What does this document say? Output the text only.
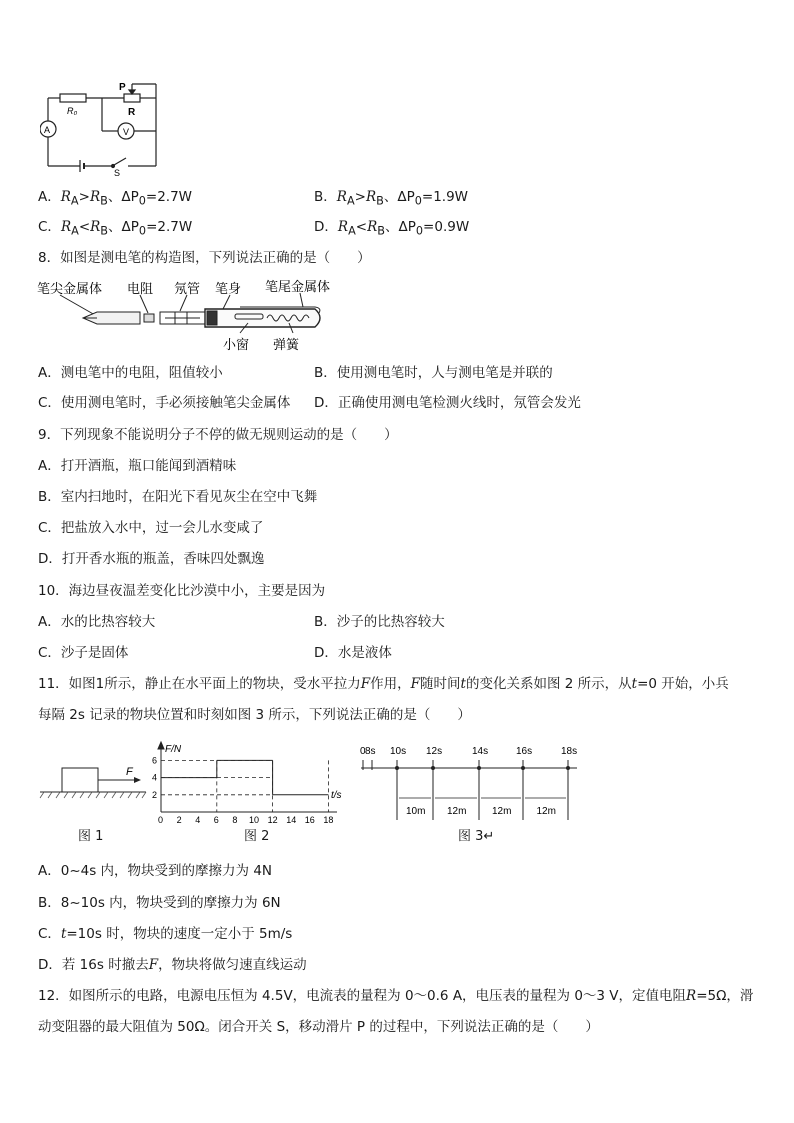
P
R
R₀
A	V
S
A．$R_A>R_B$、$\Delta P_0=2.7W$	B．$R_A>R_B$、$\Delta P_0=1.9W$
C．$R_A<R_B$、$\Delta P_0=2.7W$	D．$R_A<R_B$、$\Delta P_0=0.9W$
8．如图是测电笔的构造图，下列说法正确的是（　　）
笔尖金属体 电阻 氖管 笔身 笔尾金属体
小窗 弹簧
A．测电笔中的电阻，阻值较小	B．使用测电笔时，人与测电笔是并联的
C．使用测电笔时，手必须接触笔尖金属体 D．正确使用测电笔检测火线时，氖管会发光
9．下列现象不能说明分子不停的做无规则运动的是（　　）
A．打开酒瓶，瓶口能闻到酒精味
B．室内扫地时，在阳光下看见灰尘在空中飞舞
C．把盐放入水中，过一会儿水变咸了
D．打开香水瓶的瓶盖，香味四处飘逸
10．海边昼夜温差变化比沙漠中小，主要是因为
A．水的比热容较大	B．沙子的比热容较大
C．沙子是固体	D．水是液体
11．如图1所示，静止在水平面上的物块，受水平拉力F作用，F随时间t的变化关系如图 2 所示，从t=0 开始，小兵
每隔 2s 记录的物块位置和时刻如图 3 所示，下列说法正确的是（　　）
F
图 1
F/N
t/s
0 2 4 6 8 10 12 14 16 18
2
4
6
图 2
0 8s 10s 12s	14s	16s	18s
10m 12m	12m	12m
图 3↵
A．0~4s 内，物块受到的摩擦力为 4N
B．8~10s 内，物块受到的摩擦力为 6N
C．t=10s 时，物块的速度一定小于 5m/s
D．若 16s 时撤去F，物块将做匀速直线运动
12．如图所示的电路，电源电压恒为 4.5V，电流表的量程为 0～0.6 A，电压表的量程为 0～3 V，定值电阻R=5Ω，滑
动变阻器的最大阻值为 50Ω。闭合开关 S，移动滑片 P 的过程中，下列说法正确的是（　　）
